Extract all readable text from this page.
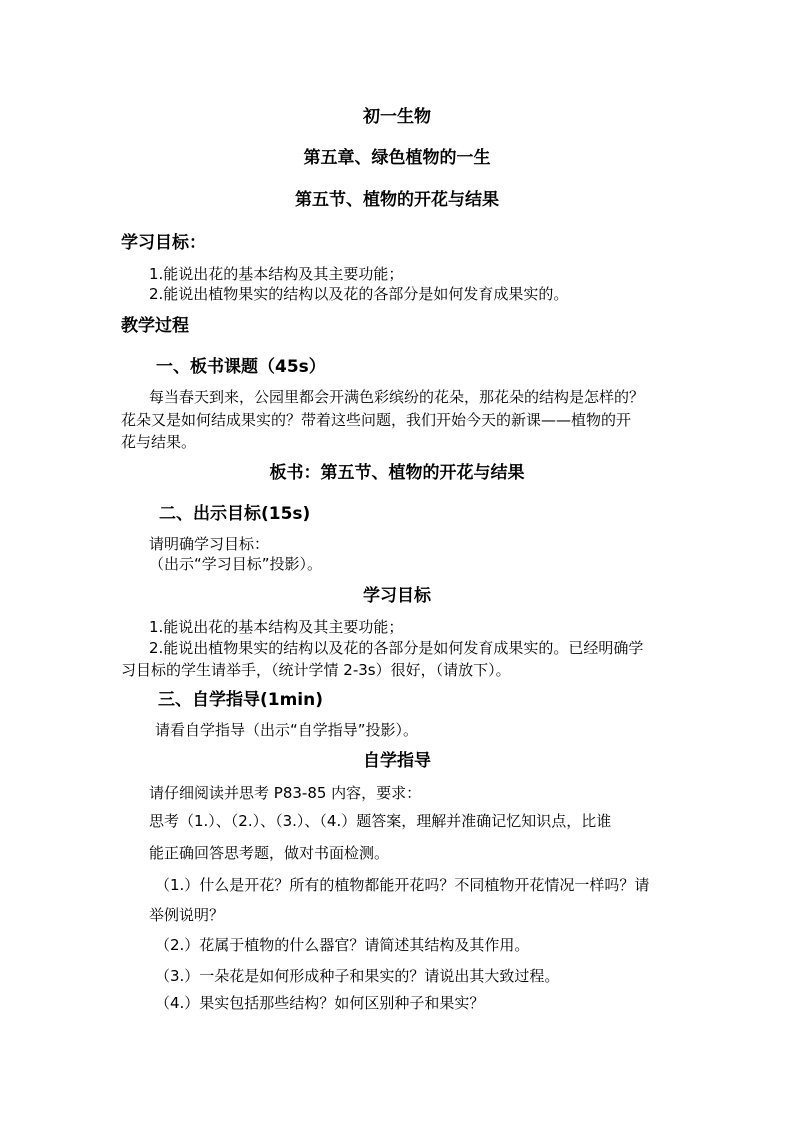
初一生物
第五章、绿色植物的一生
第五节、植物的开花与结果
学习目标：
1.能说出花的基本结构及其主要功能；
2.能说出植物果实的结构以及花的各部分是如何发育成果实的。
教学过程
一、板书课题（45s）
每当春天到来，公园里都会开满色彩缤纷的花朵，那花朵的结构是怎样的？
花朵又是如何结成果实的？带着这些问题，我们开始今天的新课——植物的开
花与结果。
板书：第五节、植物的开花与结果
二、出示目标(15s)
请明确学习目标：
（出示“学习目标”投影）。
学习目标
1.能说出花的基本结构及其主要功能；
2.能说出植物果实的结构以及花的各部分是如何发育成果实的。已经明确学
习目标的学生请举手，（统计学情 2-3s）很好，（请放下）。
三、自学指导(1min)
请看自学指导（出示“自学指导”投影）。
自学指导
请仔细阅读并思考 P83-85 内容，要求：
思考（1.）、（2.）、（3.）、（4.）题答案，理解并准确记忆知识点，比谁
能正确回答思考题，做对书面检测。
（1.）什么是开花？所有的植物都能开花吗？不同植物开花情况一样吗？请
举例说明？
（2.）花属于植物的什么器官？请简述其结构及其作用。
（3.）一朵花是如何形成种子和果实的？请说出其大致过程。
（4.）果实包括那些结构？如何区别种子和果实？
